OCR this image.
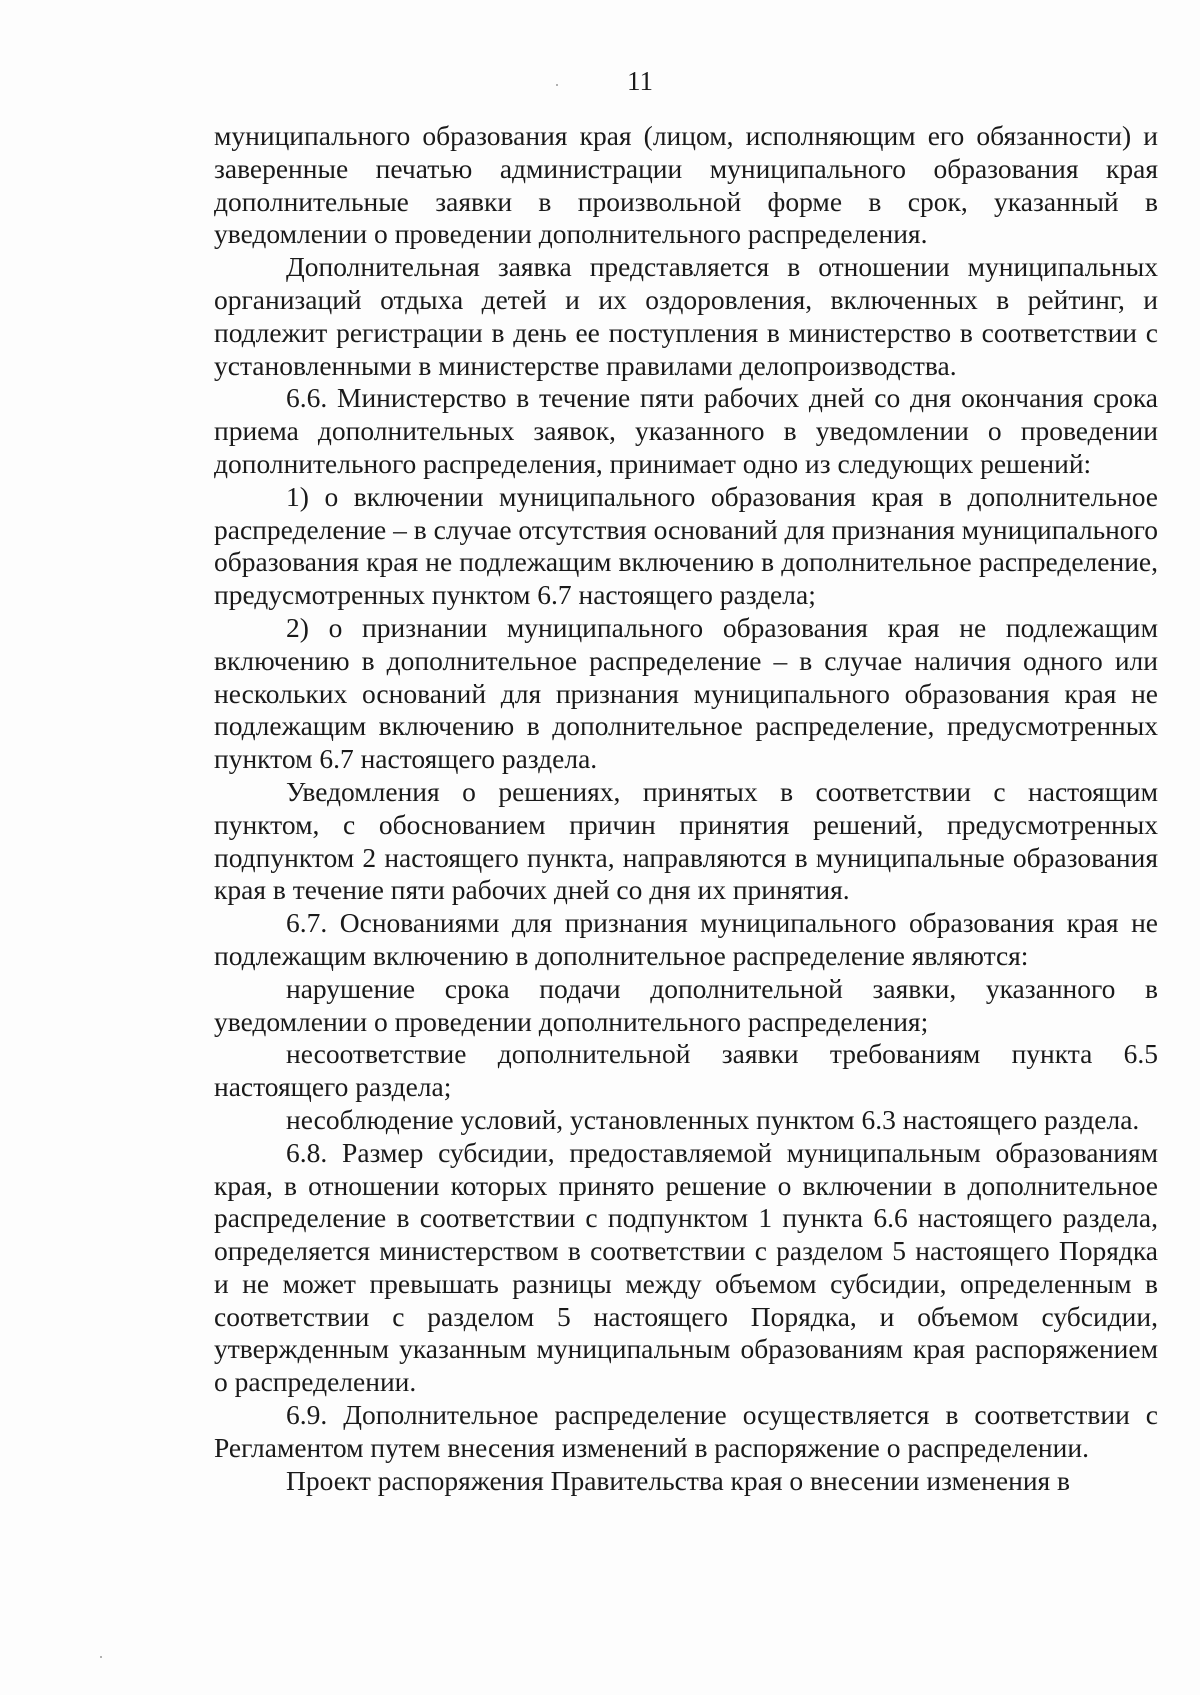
11

муниципального образования края (лицом, исполняющим его обязанности) и заверенные печатью администрации муниципального образования края дополнительные заявки в произвольной форме в срок, указанный в уведомлении о проведении дополнительного распределения.

Дополнительная заявка представляется в отношении муниципальных организаций отдыха детей и их оздоровления, включенных в рейтинг, и подлежит регистрации в день ее поступления в министерство в соответствии с установленными в министерстве правилами делопроизводства.

6.6. Министерство в течение пяти рабочих дней со дня окончания срока приема дополнительных заявок, указанного в уведомлении о проведении дополнительного распределения, принимает одно из следующих решений:

1) о включении муниципального образования края в дополнительное распределение – в случае отсутствия оснований для признания муниципального образования края не подлежащим включению в дополнительное распределение, предусмотренных пунктом 6.7 настоящего раздела;

2) о признании муниципального образования края не подлежащим включению в дополнительное распределение – в случае наличия одного или нескольких оснований для признания муниципального образования края не подлежащим включению в дополнительное распределение, предусмотренных пунктом 6.7 настоящего раздела.

Уведомления о решениях, принятых в соответствии с настоящим пунктом, с обоснованием причин принятия решений, предусмотренных подпунктом 2 настоящего пункта, направляются в муниципальные образования края в течение пяти рабочих дней со дня их принятия.

6.7. Основаниями для признания муниципального образования края не подлежащим включению в дополнительное распределение являются:

нарушение срока подачи дополнительной заявки, указанного в уведомлении о проведении дополнительного распределения;

несоответствие дополнительной заявки требованиям пункта 6.5 настоящего раздела;

несоблюдение условий, установленных пунктом 6.3 настоящего раздела.

6.8. Размер субсидии, предоставляемой муниципальным образованиям края, в отношении которых принято решение о включении в дополнительное распределение в соответствии с подпунктом 1 пункта 6.6 настоящего раздела, определяется министерством в соответствии с разделом 5 настоящего Порядка и не может превышать разницы между объемом субсидии, определенным в соответствии с разделом 5 настоящего Порядка, и объемом субсидии, утвержденным указанным муниципальным образованиям края распоряжением о распределении.

6.9. Дополнительное распределение осуществляется в соответствии с Регламентом путем внесения изменений в распоряжение о распределении.

Проект распоряжения Правительства края о внесении изменения в
